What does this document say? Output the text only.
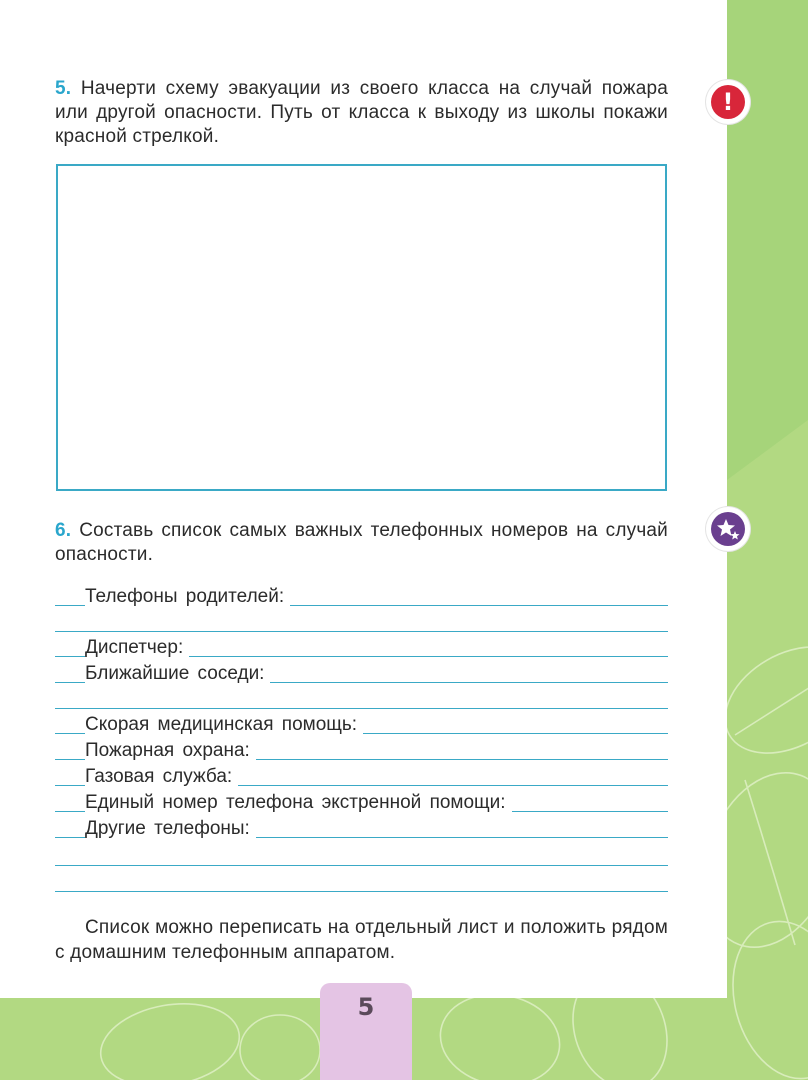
5. Начерти схему эвакуации из своего класса на случай пожара или другой опасности. Путь от класса к выходу из школы покажи красной стрелкой.
6. Составь список самых важных телефонных номеров на случай опасности.
Телефоны родителей:
Диспетчер:
Ближайшие соседи:
Скорая медицинская помощь:
Пожарная охрана:
Газовая служба:
Единый номер телефона экстренной помощи:
Другие телефоны:
Список можно переписать на отдельный лист и положить рядом с домашним телефонным аппаратом.
!
5
